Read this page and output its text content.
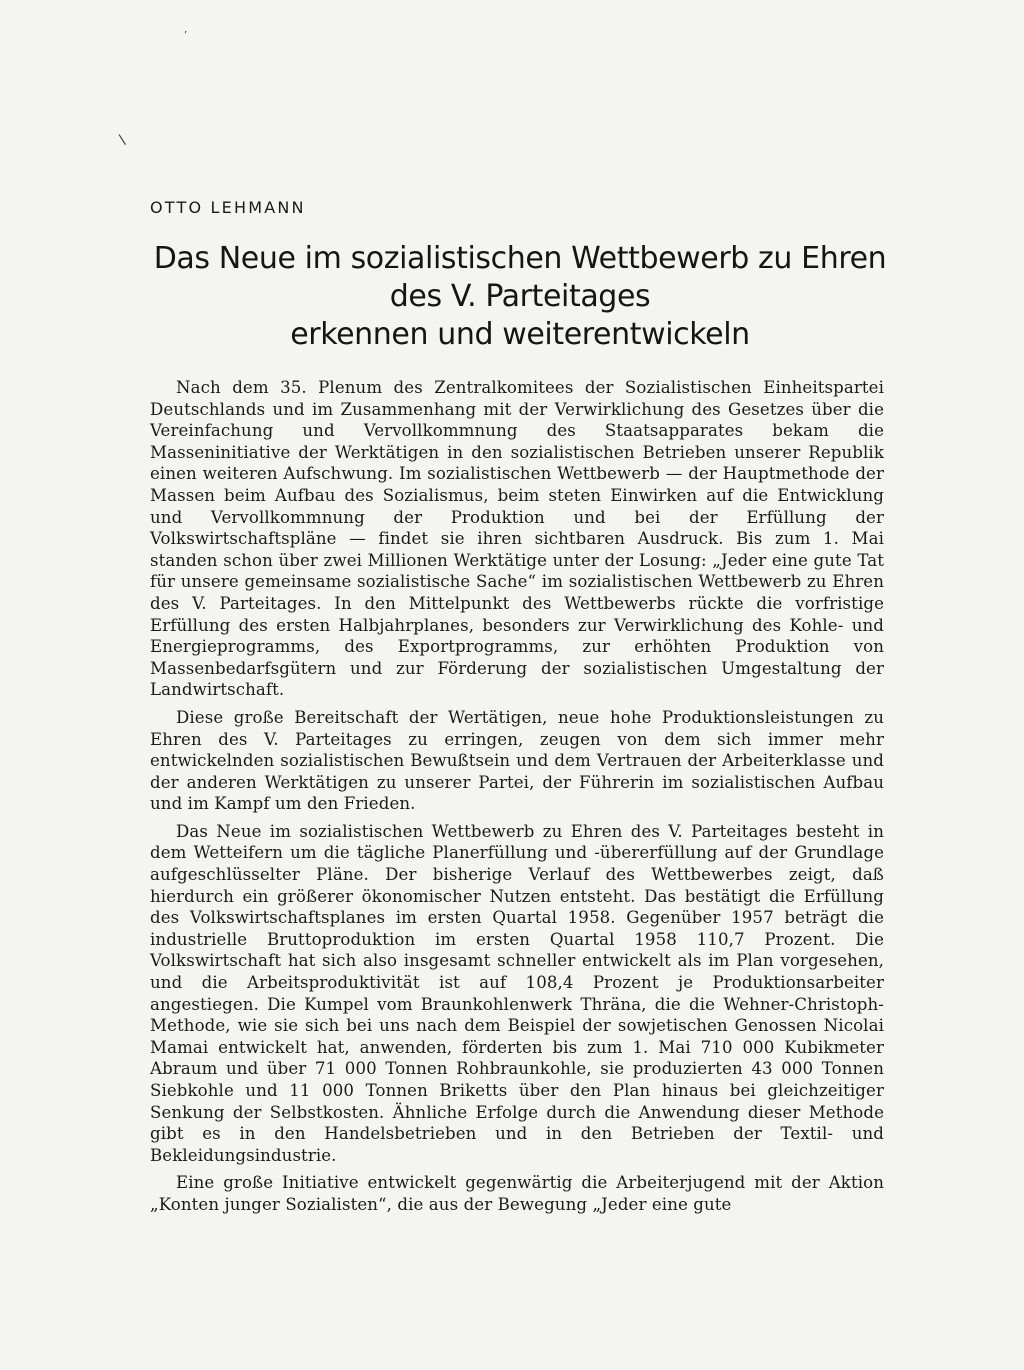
’
\
OTTO LEHMANN
Das Neue im sozialistischen Wettbewerb zu Ehren
des V. Parteitages
erkennen und weiterentwickeln

Nach dem 35. Plenum des Zentralkomitees der Sozialistischen Einheitspartei Deutschlands und im Zusammenhang mit der Verwirklichung des Gesetzes über die Vereinfachung und Vervollkommnung des Staatsapparates bekam die Masseninitiative der Werktätigen in den sozialistischen Betrieben unserer Republik einen weiteren Aufschwung. Im sozialistischen Wettbewerb — der Hauptmethode der Massen beim Aufbau des Sozialismus, beim steten Einwirken auf die Entwicklung und Vervollkommnung der Produktion und bei der Erfüllung der Volkswirtschaftspläne — findet sie ihren sichtbaren Ausdruck. Bis zum 1. Mai standen schon über zwei Millionen Werktätige unter der Losung: „Jeder eine gute Tat für unsere gemeinsame sozialistische Sache“ im sozialistischen Wettbewerb zu Ehren des V. Parteitages. In den Mittelpunkt des Wettbewerbs rückte die vorfristige Erfüllung des ersten Halbjahrplanes, besonders zur Verwirklichung des Kohle- und Energieprogramms, des Exportprogramms, zur erhöhten Produktion von Massenbedarfsgütern und zur Förderung der sozialistischen Umgestaltung der Landwirtschaft.

Diese große Bereitschaft der Wertätigen, neue hohe Produktionsleistungen zu Ehren des V. Parteitages zu erringen, zeugen von dem sich immer mehr entwickelnden sozialistischen Bewußtsein und dem Vertrauen der Arbeiterklasse und der anderen Werktätigen zu unserer Partei, der Führerin im sozialistischen Aufbau und im Kampf um den Frieden.

Das Neue im sozialistischen Wettbewerb zu Ehren des V. Parteitages besteht in dem Wetteifern um die tägliche Planerfüllung und -übererfüllung auf der Grundlage aufgeschlüsselter Pläne. Der bisherige Verlauf des Wettbewerbes zeigt, daß hierdurch ein größerer ökonomischer Nutzen entsteht. Das bestätigt die Erfüllung des Volkswirtschaftsplanes im ersten Quartal 1958. Gegenüber 1957 beträgt die industrielle Bruttoproduktion im ersten Quartal 1958 110,7 Prozent. Die Volkswirtschaft hat sich also insgesamt schneller entwickelt als im Plan vorgesehen, und die Arbeitsproduktivität ist auf 108,4 Prozent je Produktionsarbeiter angestiegen. Die Kumpel vom Braunkohlenwerk Thräna, die die Wehner-Christoph-Methode, wie sie sich bei uns nach dem Beispiel der sowjetischen Genossen Nicolai Mamai entwickelt hat, anwenden, förderten bis zum 1. Mai 710 000 Kubikmeter Abraum und über 71 000 Tonnen Rohbraunkohle, sie produzierten 43 000 Tonnen Siebkohle und 11 000 Tonnen Briketts über den Plan hinaus bei gleichzeitiger Senkung der Selbstkosten. Ähnliche Erfolge durch die Anwendung dieser Methode gibt es in den Handelsbetrieben und in den Betrieben der Textil- und Bekleidungsindustrie.

Eine große Initiative entwickelt gegenwärtig die Arbeiterjugend mit der Aktion „Konten junger Sozialisten“, die aus der Bewegung „Jeder eine gute
